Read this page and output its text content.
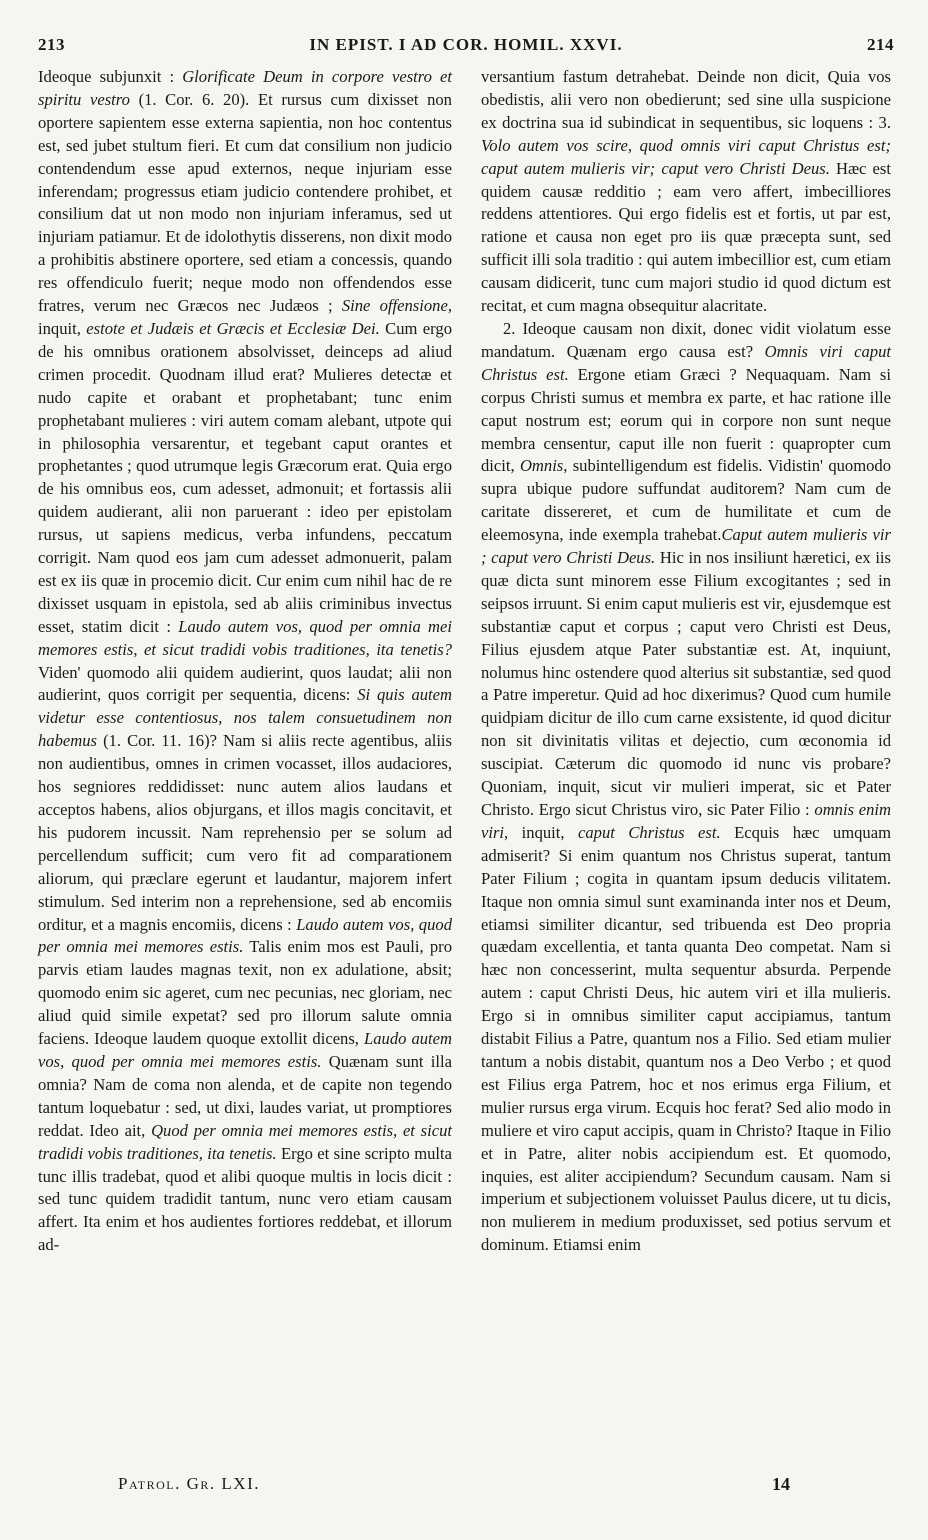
213	IN EPIST. I AD COR. HOMIL. XXVI.	214

Ideoque subjunxit : Glorificate Deum in corpore vestro et spiritu vestro (1. Cor. 6. 20). Et rursus cum dixisset non oportere sapientem esse externa sapientia, non hoc contentus est, sed jubet stultum fieri. Et cum dat consilium non judicio contendendum esse apud externos, neque injuriam esse inferendam; progressus etiam judicio contendere prohibet, et consilium dat ut non modo non injuriam inferamus, sed ut injuriam patiamur. Et de idolothytis disserens, non dixit modo a prohibitis abstinere oportere, sed etiam a concessis, quando res offendiculo fuerit; neque modo non offendendos esse fratres, verum nec Græcos nec Judæos ; Sine offensione, inquit, estote et Judæis et Græcis et Ecclesiæ Dei. Cum ergo de his omnibus orationem absolvisset, deinceps ad aliud crimen procedit. Quodnam illud erat? Mulieres detectæ et nudo capite et orabant et prophetabant; tunc enim prophetabant mulieres : viri autem comam alebant, utpote qui in philosophia versarentur, et tegebant caput orantes et prophetantes ; quod utrumque legis Græcorum erat. Quia ergo de his omnibus eos, cum adesset, admonuit; et fortassis alii quidem audierant, alii non paruerant : ideo per epistolam rursus, ut sapiens medicus, verba infundens, peccatum corrigit. Nam quod eos jam cum adesset admonuerit, palam est ex iis quæ in procemio dicit. Cur enim cum nihil hac de re dixisset usquam in epistola, sed ab aliis criminibus invectus esset, statim dicit : Laudo autem vos, quod per omnia mei memores estis, et sicut tradidi vobis traditiones, ita tenetis? Viden' quomodo alii quidem audierint, quos laudat; alii non audierint, quos corrigit per sequentia, dicens: Si quis autem videtur esse contentiosus, nos talem consuetudinem non habemus (1. Cor. 11. 16)? Nam si aliis recte agentibus, aliis non audientibus, omnes in crimen vocasset, illos audaciores, hos segniores reddidisset: nunc autem alios laudans et acceptos habens, alios objurgans, et illos magis concitavit, et his pudorem incussit. Nam reprehensio per se solum ad percellendum sufficit; cum vero fit ad comparationem aliorum, qui præclare egerunt et laudantur, majorem infert stimulum. Sed interim non a reprehensione, sed ab encomiis orditur, et a magnis encomiis, dicens : Laudo autem vos, quod per omnia mei memores estis. Talis enim mos est Pauli, pro parvis etiam laudes magnas texit, non ex adulatione, absit; quomodo enim sic ageret, cum nec pecunias, nec gloriam, nec aliud quid simile expetat? sed pro illorum salute omnia faciens. Ideoque laudem quoque extollit dicens, Laudo autem vos, quod per omnia mei memores estis. Quænam sunt illa omnia? Nam de coma non alenda, et de capite non tegendo tantum loquebatur : sed, ut dixi, laudes variat, ut promptiores reddat. Ideo ait, Quod per omnia mei memores estis, et sicut tradidi vobis traditiones, ita tenetis. Ergo et sine scripto multa tunc illis tradebat, quod et alibi quoque multis in locis dicit : sed tunc quidem tradidit tantum, nunc vero etiam causam affert. Ita enim et hos audientes fortiores reddebat, et illorum ad-

versantium fastum detrahebat. Deinde non dicit, Quia vos obedistis, alii vero non obedierunt; sed sine ulla suspicione ex doctrina sua id subindicat in sequentibus, sic loquens : 3. Volo autem vos scire, quod omnis viri caput Christus est; caput autem mulieris vir; caput vero Christi Deus. Hæc est quidem causæ redditio ; eam vero affert, imbecilliores reddens attentiores. Qui ergo fidelis est et fortis, ut par est, ratione et causa non eget pro iis quæ præcepta sunt, sed sufficit illi sola traditio : qui autem imbecillior est, cum etiam causam didicerit, tunc cum majori studio id quod dictum est recitat, et cum magna obsequitur alacritate.

2. Ideoque causam non dixit, donec vidit violatum esse mandatum. Quænam ergo causa est? Omnis viri caput Christus est. Ergone etiam Græci ? Nequaquam. Nam si corpus Christi sumus et membra ex parte, et hac ratione ille caput nostrum est; eorum qui in corpore non sunt neque membra censentur, caput ille non fuerit : quapropter cum dicit, Omnis, subintelligendum est fidelis. Vidistin' quomodo supra ubique pudore suffundat auditorem? Nam cum de caritate dissereret, et cum de humilitate et cum de eleemosyna, inde exempla trahebat.Caput autem mulieris vir ; caput vero Christi Deus. Hic in nos insiliunt hæretici, ex iis quæ dicta sunt minorem esse Filium excogitantes ; sed in seipsos irruunt. Si enim caput mulieris est vir, ejusdemque est substantiæ caput et corpus ; caput vero Christi est Deus, Filius ejusdem atque Pater substantiæ est. At, inquiunt, nolumus hinc ostendere quod alterius sit substantiæ, sed quod a Patre imperetur. Quid ad hoc dixerimus? Quod cum humile quidpiam dicitur de illo cum carne exsistente, id quod dicitur non sit divinitatis vilitas et dejectio, cum œconomia id suscipiat. Cæterum dic quomodo id nunc vis probare? Quoniam, inquit, sicut vir mulieri imperat, sic et Pater Christo. Ergo sicut Christus viro, sic Pater Filio : omnis enim viri, inquit, caput Christus est. Ecquis hæc umquam admiserit? Si enim quantum nos Christus superat, tantum Pater Filium ; cogita in quantam ipsum deducis vilitatem. Itaque non omnia simul sunt examinanda inter nos et Deum, etiamsi similiter dicantur, sed tribuenda est Deo propria quædam excellentia, et tanta quanta Deo competat. Nam si hæc non concesserint, multa sequentur absurda. Perpende autem : caput Christi Deus, hic autem viri et illa mulieris. Ergo si in omnibus similiter caput accipiamus, tantum distabit Filius a Patre, quantum nos a Filio. Sed etiam mulier tantum a nobis distabit, quantum nos a Deo Verbo ; et quod est Filius erga Patrem, hoc et nos erimus erga Filium, et mulier rursus erga virum. Ecquis hoc ferat? Sed alio modo in muliere et viro caput accipis, quam in Christo? Itaque in Filio et in Patre, aliter nobis accipiendum est. Et quomodo, inquies, est aliter accipiendum? Secundum causam. Nam si imperium et subjectionem voluisset Paulus dicere, ut tu dicis, non mulierem in medium produxisset, sed potius servum et dominum. Etiamsi enim

Patrol. Gr. LXI.	14
